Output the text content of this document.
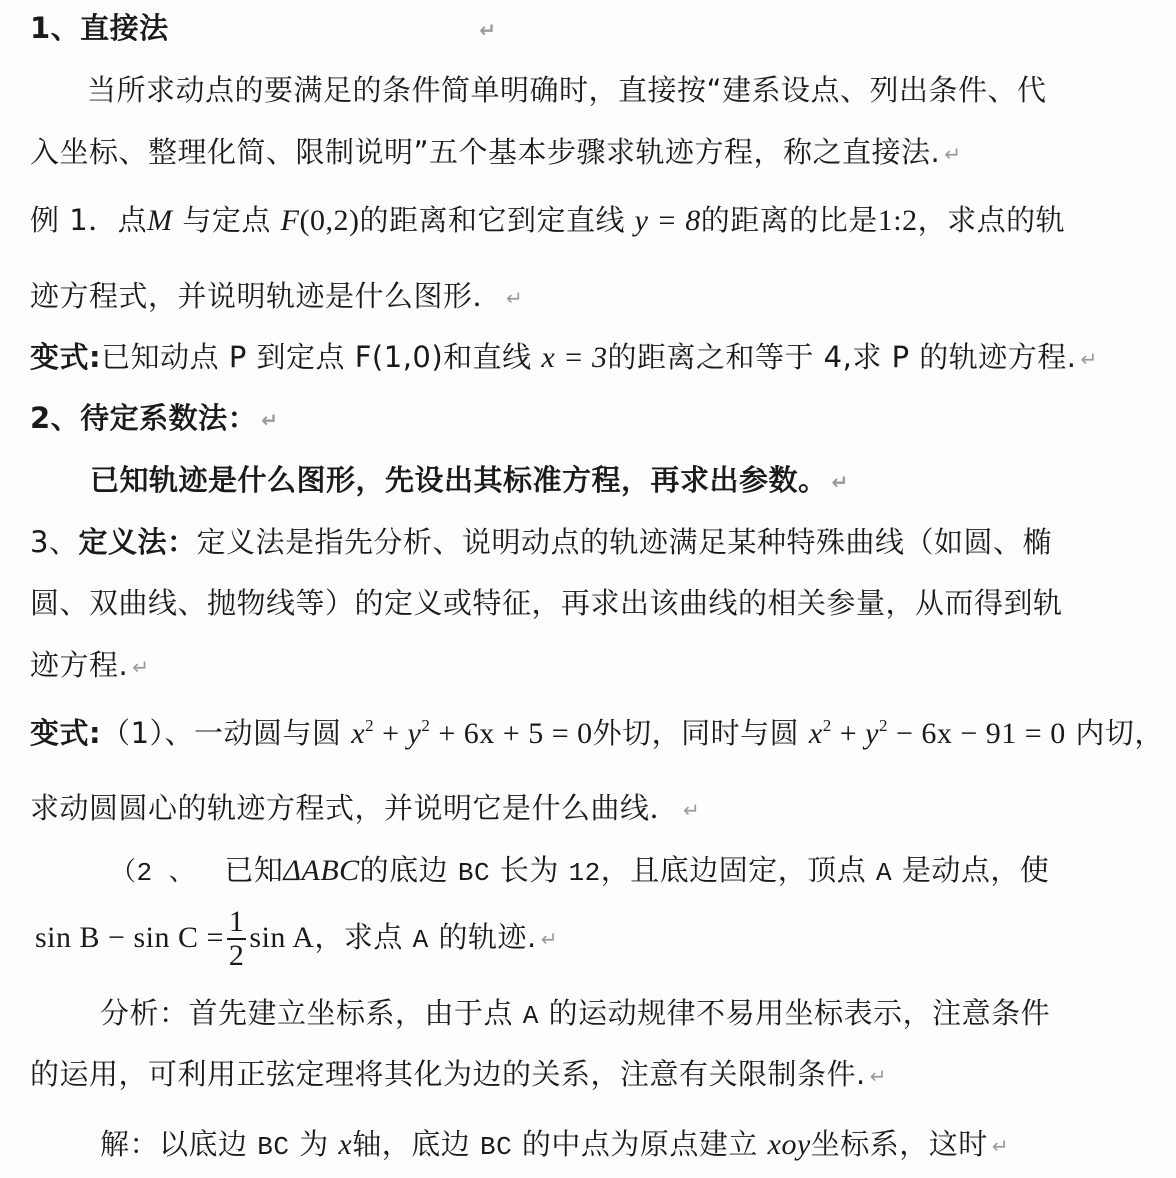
1、直接法	↵
当所求动点的要满足的条件简单明确时，直接按“建系设点、列出条件、代
入坐标、整理化简、限制说明”五个基本步骤求轨迹方程，称之直接法. ↵
例 1．点M 与定点 F(0,2)的距离和它到定直线 y = 8的距离的比是1:2，求点的轨
迹方程式，并说明轨迹是什么图形． ↵
变式:已知动点 P 到定点 F(1,0)和直线 x = 3的距离之和等于 4,求 P 的轨迹方程. ↵
2、待定系数法： ↵
已知轨迹是什么图形，先设出其标准方程，再求出参数。 ↵
3、定义法：定义法是指先分析、说明动点的轨迹满足某种特殊曲线（如圆、椭
圆、双曲线、抛物线等）的定义或特征，再求出该曲线的相关参量，从而得到轨
迹方程. ↵
变式:（1）、一动圆与圆 $x^2 + y^2 + 6x + 5 = 0$外切，同时与圆 $x^2 + y^2 - 6x - 91 = 0$ 内切，
求动圆圆心的轨迹方程式，并说明它是什么曲线． ↵
（2 、 已知ΔABC的底边 BC 长为 12，且底边固定，顶点 A 是动点，使
$\sin B - \sin C = \frac{1}{2}$ sin A，求点 A 的轨迹. ↵
分析：首先建立坐标系，由于点 A 的运动规律不易用坐标表示，注意条件
的运用，可利用正弦定理将其化为边的关系，注意有关限制条件. ↵
解：以底边 BC 为 x轴，底边 BC 的中点为原点建立 xoy坐标系，这时 ↵
